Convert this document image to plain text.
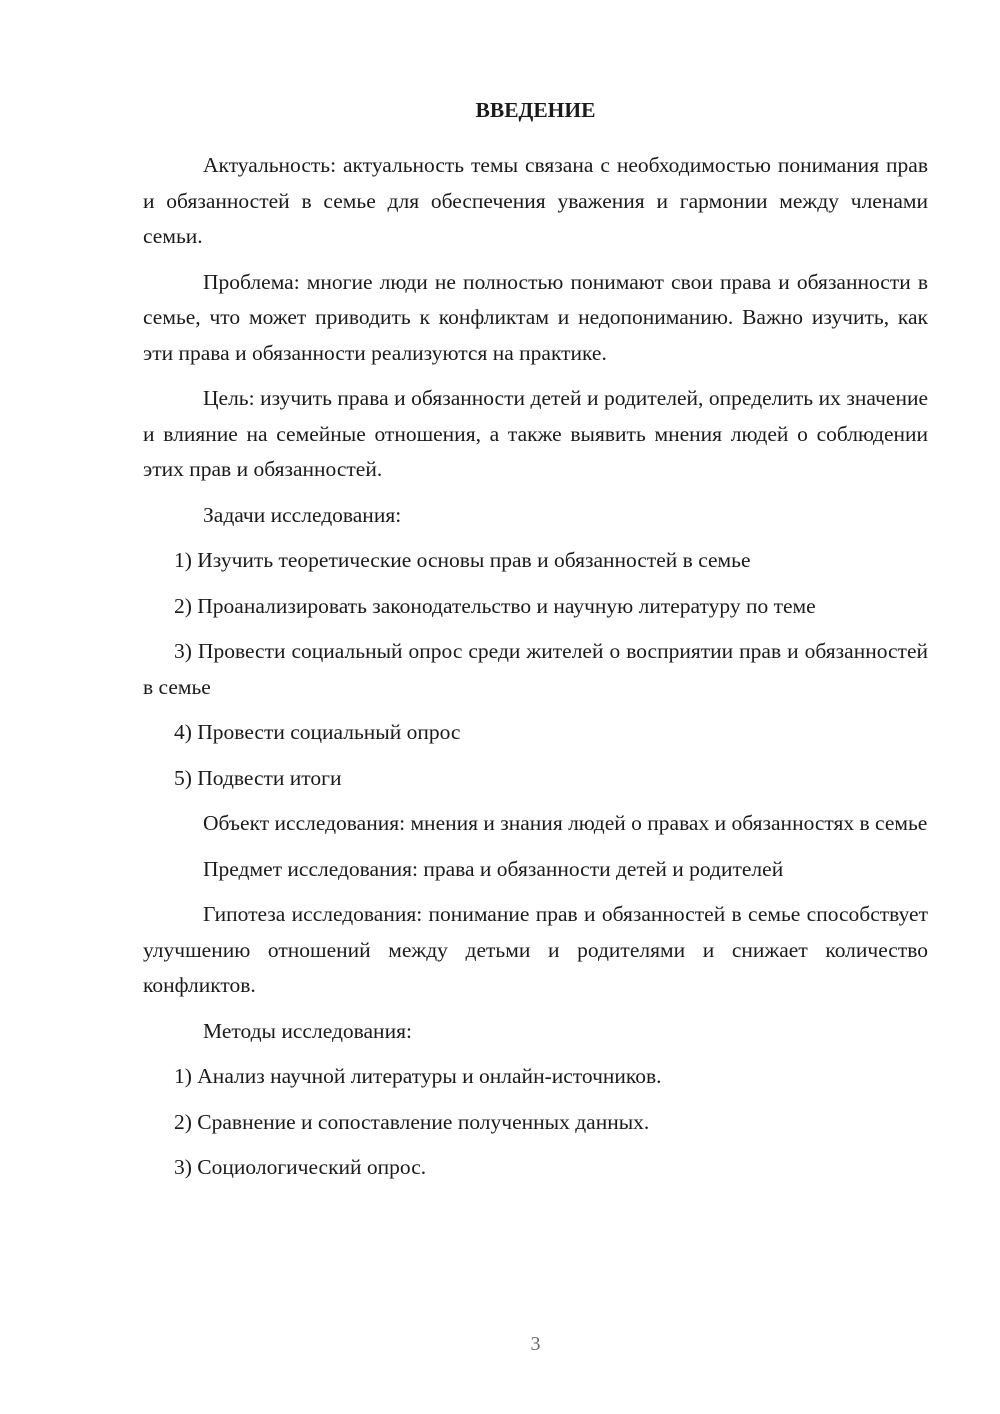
ВВЕДЕНИЕ

Актуальность: актуальность темы связана с необходимостью понимания прав и обязанностей в семье для обеспечения уважения и гармонии между членами семьи.

Проблема: многие люди не полностью понимают свои права и обязанности в семье, что может приводить к конфликтам и недопониманию. Важно изучить, как эти права и обязанности реализуются на практике.

Цель: изучить права и обязанности детей и родителей, определить их значение и влияние на семейные отношения, а также выявить мнения людей о соблюдении этих прав и обязанностей.

Задачи исследования:

1) Изучить теоретические основы прав и обязанностей в семье

2) Проанализировать законодательство и научную литературу по теме

3) Провести социальный опрос среди жителей о восприятии прав и обязанностей в семье

4) Провести социальный опрос

5) Подвести итоги

Объект исследования: мнения и знания людей о правах и обязанностях в семье

Предмет исследования: права и обязанности детей и родителей

Гипотеза исследования: понимание прав и обязанностей в семье способствует улучшению отношений между детьми и родителями и снижает количество конфликтов.

Методы исследования:

1) Анализ научной литературы и онлайн-источников.

2) Сравнение и сопоставление полученных данных.

3) Социологический опрос.

3
